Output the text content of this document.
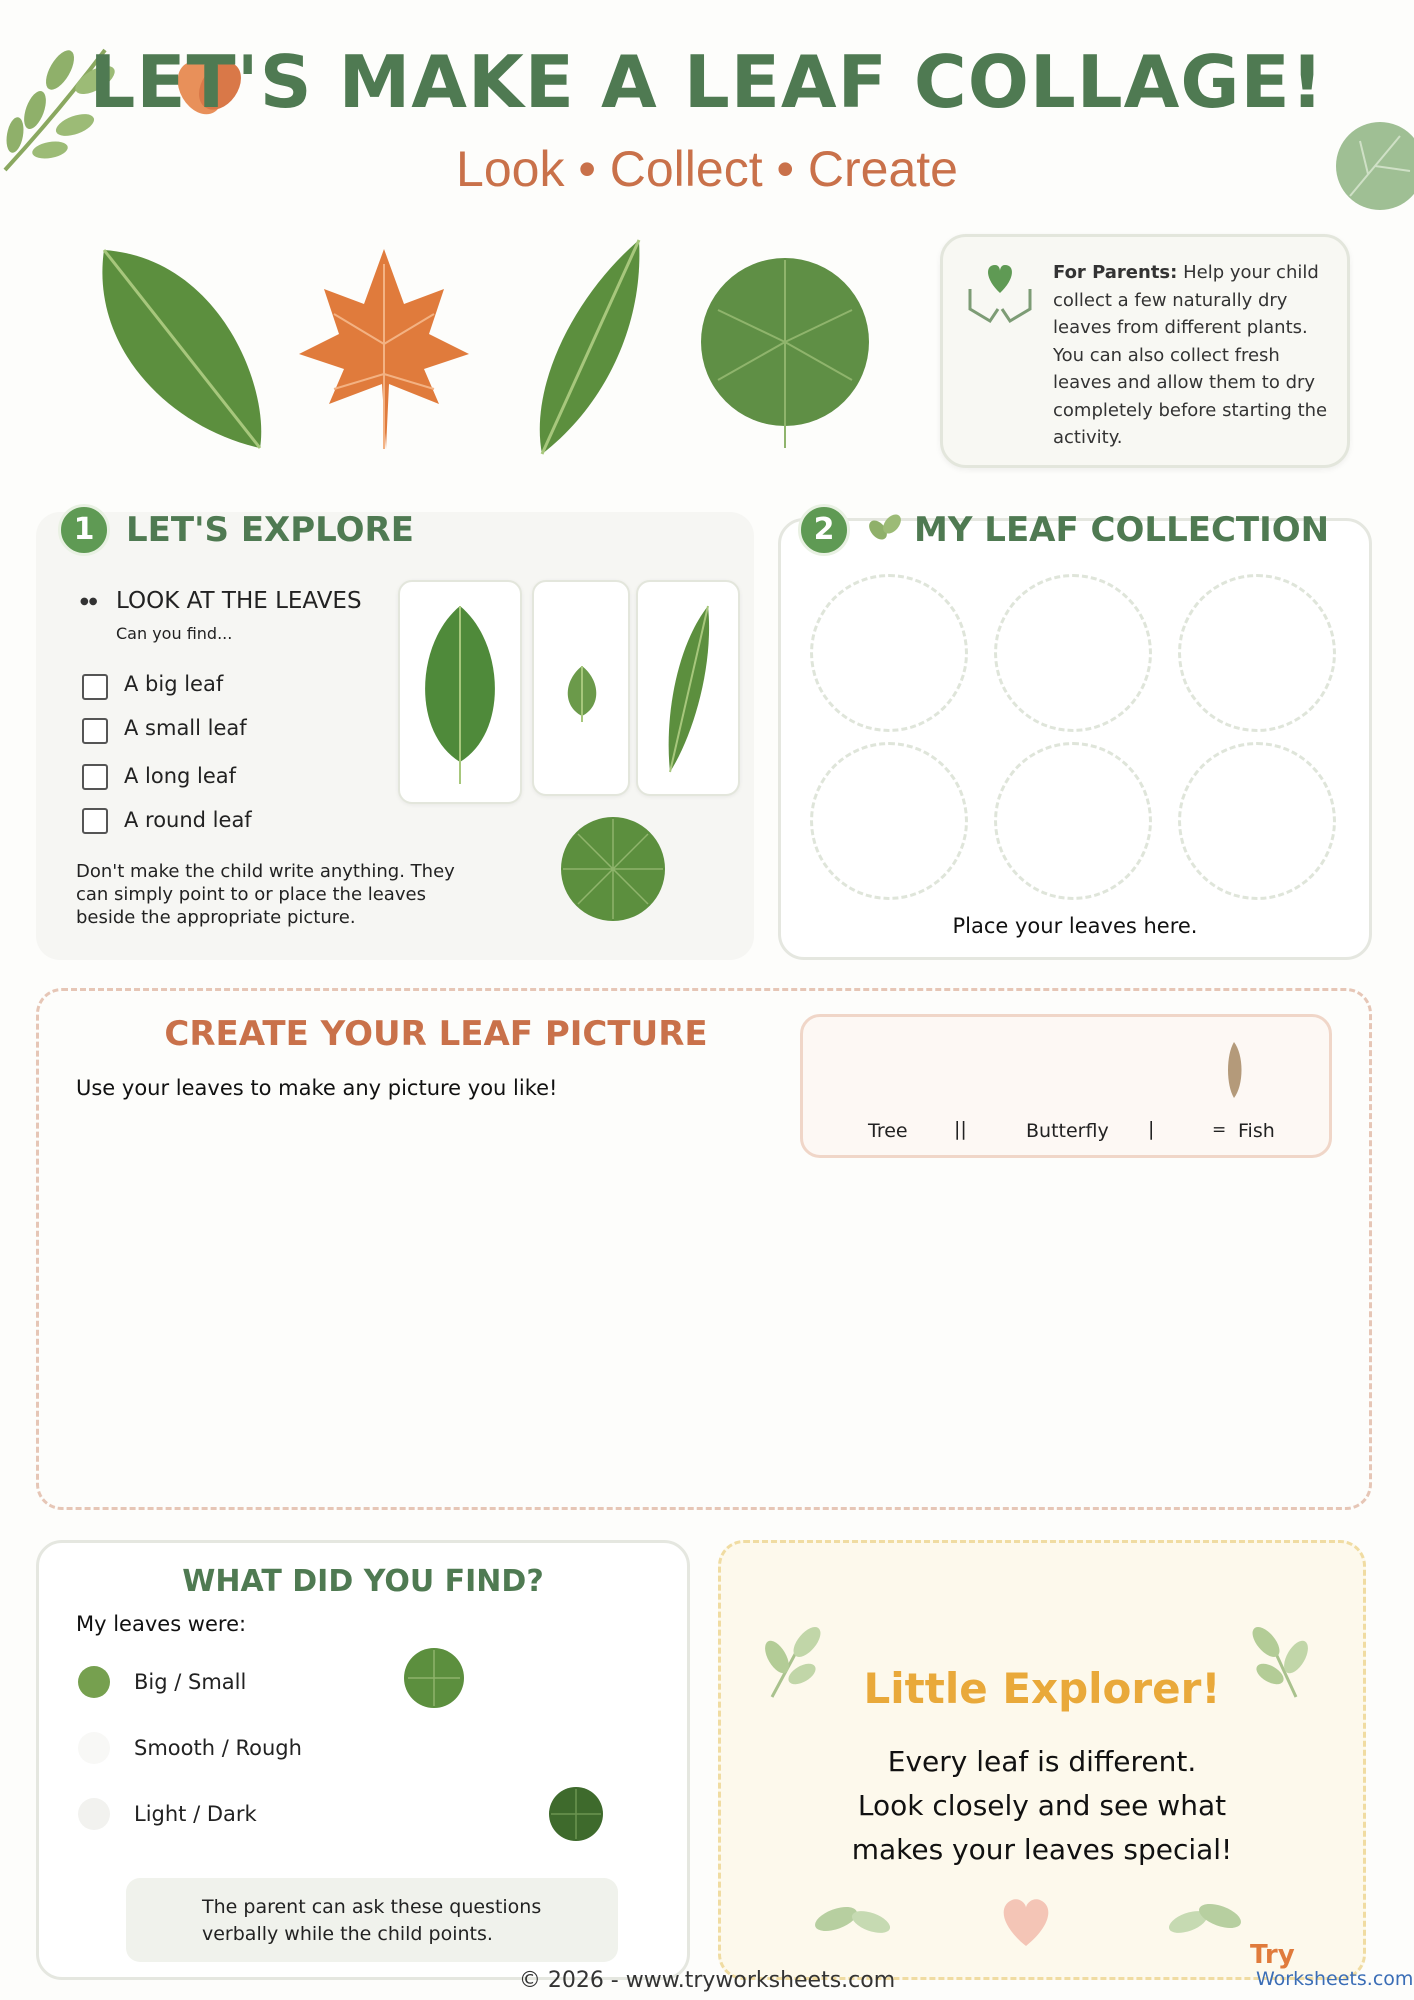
LET'S MAKE A LEAF COLLAGE!
Look • Collect • Create
For Parents: Help your child collect a few naturally dry leaves from different plants. You can also collect fresh leaves and allow them to dry completely before starting the activity.
1 LET'S EXPLORE
●● LOOK AT THE LEAVES
Can you find...
A big leaf
A small leaf
A long leaf
A round leaf
Don't make the child write anything. They can simply point to or place the leaves beside the appropriate picture.
2	MY LEAF COLLECTION
Place your leaves here.
CREATE YOUR LEAF PICTURE
Use your leaves to make any picture you like!
Tree ||	Butterfly |	= Fish
WHAT DID YOU FIND?
My leaves were:
Big / Small
Smooth / Rough
Light / Dark
The parent can ask these questions verbally while the child points.
Little Explorer!
Every leaf is different.
Look closely and see what
makes your leaves special!
© 2026 - www.tryworksheets.com
Try
Worksheets.com
